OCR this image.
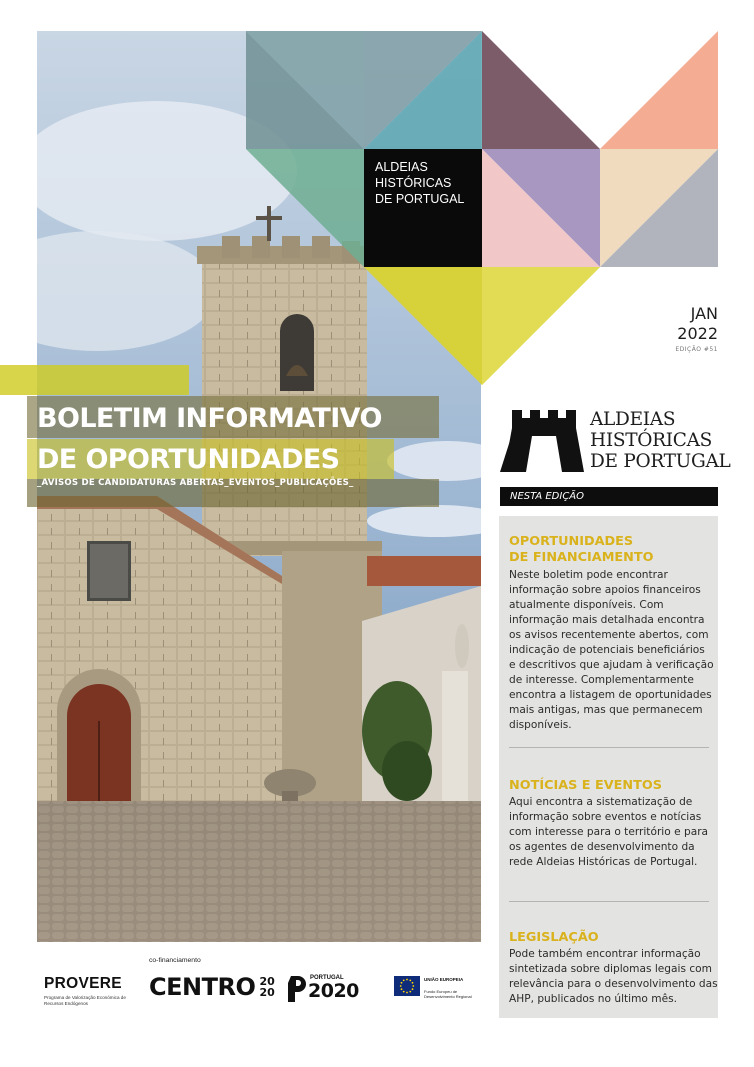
ALDEIAS
HISTÓRICAS
DE PORTUGAL
JAN
2022
EDIÇÃO #51
BOLETIM INFORMATIVO
DE OPORTUNIDADES
_AVISOS DE CANDIDATURAS ABERTAS_EVENTOS_PUBLICAÇÕES_
ALDEIAS
HISTÓRICAS
DE PORTUGAL
NESTA EDIÇÃO
OPORTUNIDADES
DE FINANCIAMENTO
Neste boletim pode encontrar
informação sobre apoios financeiros
atualmente disponíveis. Com
informação mais detalhada encontra
os avisos recentemente abertos, com
indicação de potenciais beneficiários
e descritivos que ajudam à verificação
de interesse. Complementarmente
encontra a listagem de oportunidades
mais antigas, mas que permanecem
disponíveis.
NOTÍCIAS E EVENTOS
Aqui encontra a sistematização de
informação sobre eventos e notícias
com interesse para o território e para
os agentes de desenvolvimento da
rede Aldeias Históricas de Portugal.
LEGISLAÇÃO
Pode também encontrar informação
sintetizada sobre diplomas legais com
relevância para o desenvolvimento das
AHP, publicados no último mês.
PROVERE
Programa de Valorização Económica de Recursos Endógenos
co-financiamento
CENTRO 20
20
PORTUGAL
2020
UNIÃO EUROPEIA
Fundo Europeu de Desenvolvimento Regional
